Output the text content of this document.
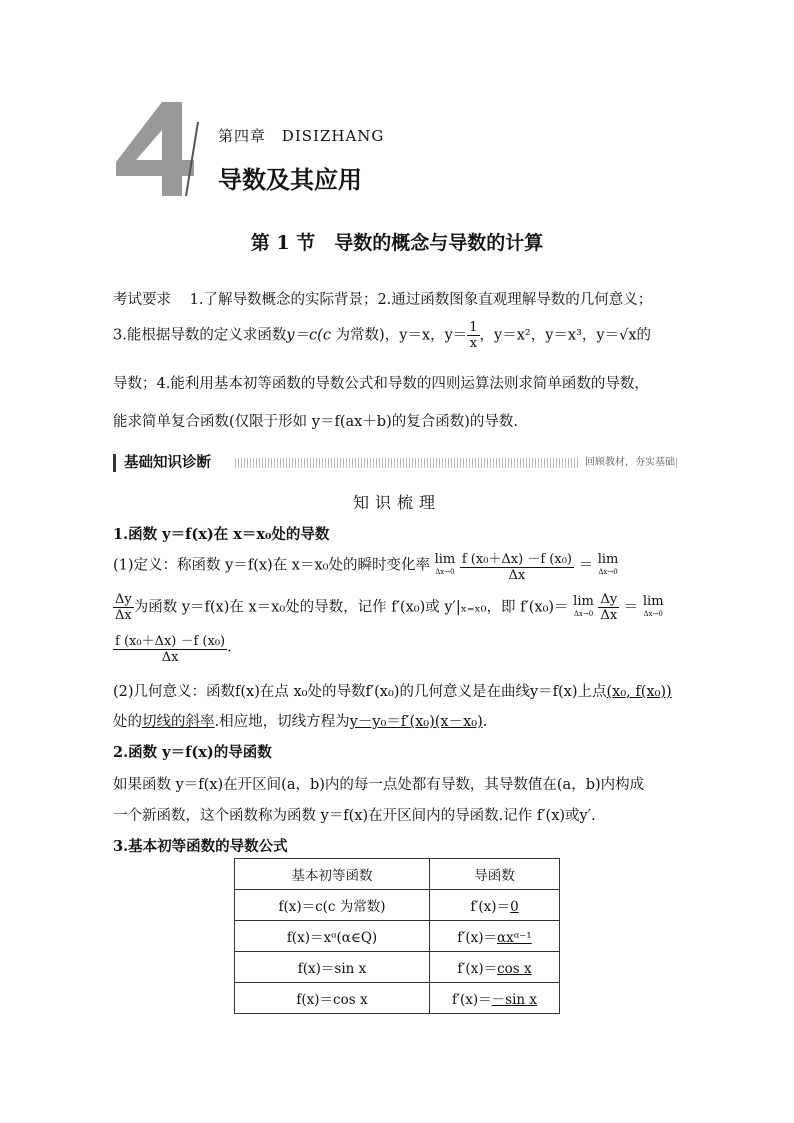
第四章 DISIZHANG
导数及其应用
第 1 节　导数的概念与导数的计算
考试要求 1.了解导数概念的实际背景；2.通过函数图象直观理解导数的几何意义；
3.能根据导数的定义求函数y＝c(c 为常数)，y＝x，$y= \frac{1}{x}$ ，y＝x²，y＝x³，y＝√x的
导数；4.能利用基本初等函数的导数公式和导数的四则运算法则求简单函数的导数，
能求简单复合函数(仅限于形如 y＝f(ax＋b)的复合函数)的导数.
基础知识诊断	回顾教材，夯实基础
知识梳理
1.函数 y＝f(x)在 x＝x₀处的导数
(1)定义：称函数 y＝f(x)在 x＝x₀处的瞬时变化率 lim
Δx→0
$\frac{\text{f (x₀＋Δx) －f (x₀)}}{\Delta x} = \lim$
Δx→0
$\frac{\Delta y}{\Delta x}$ 为函数 y＝f(x)在 x＝x₀处的导数，记作 f′(x₀)或 y′|ₓ₌ₓ₀，即 f′(x₀)＝ lim
Δx→0
$\frac{\Delta y}{\Delta x} = \lim$
Δx→0
$\frac{\text{f (x₀＋Δx) －f (x₀)}}{\Delta x}$ .
(2)几何意义：函数f(x)在点 x₀处的导数f′(x₀)的几何意义是在曲线y＝f(x)上点(x₀, f(x₀))
处的切线的斜率.相应地，切线方程为y－y₀＝f′(x₀)(x－x₀).
2.函数 y＝f(x)的导函数
如果函数 y＝f(x)在开区间(a，b)内的每一点处都有导数，其导数值在(a，b)内构成
一个新函数，这个函数称为函数 y＝f(x)在开区间内的导函数.记作 f′(x)或y′.
3.基本初等函数的导数公式
基本初等函数	导函数
f(x)＝c(c 为常数)	f′(x)＝0
f(x)＝xᵅ(α∈Q)	f′(x)＝αxᵅ⁻¹
f(x)＝sin x	f′(x)＝cos x
f(x)＝cos x	f′(x)＝－sin x
